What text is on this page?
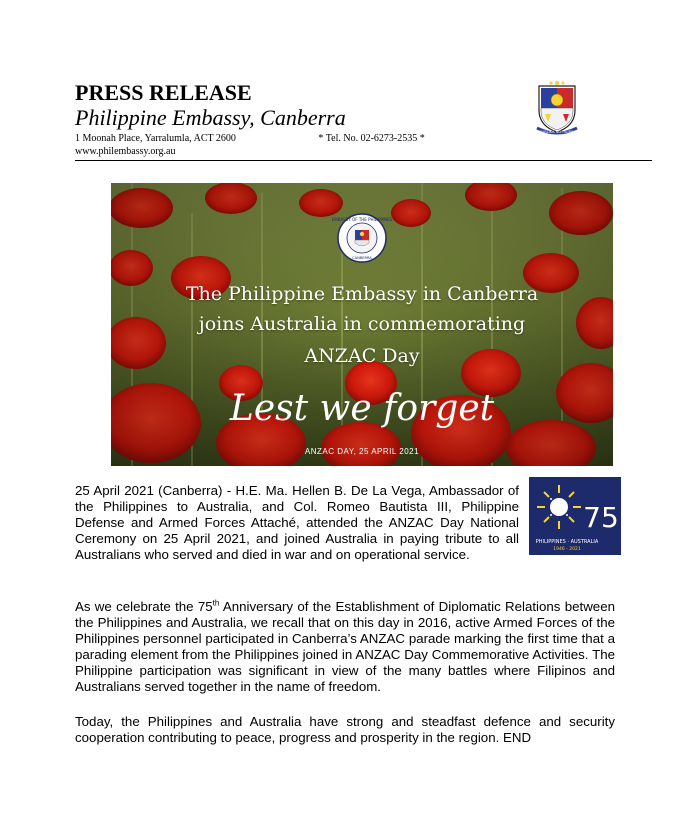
PRESS RELEASE

Philippine Embassy, Canberra

1 Moonah Place, Yarralumla, ACT 2600	* Tel. No. 02-6273-2535 *
www.philembassy.org.au
REPUBLIKA NG PILIPINAS
EMBASSY OF THE PHILIPPINES
CANBERRA
The Philippine Embassy in Canberra
joins Australia in commemorating
ANZAC Day
Lest we forget
ANZAC DAY, 25 APRIL 2021
75
PHILIPPINES · AUSTRALIA
1946 - 2021
25 April 2021 (Canberra) - H.E. Ma. Hellen B. De La Vega, Ambassador of the Philippines to Australia, and Col. Romeo Bautista III, Philippine Defense and Armed Forces Attaché, attended the ANZAC Day National Ceremony on 25 April 2021, and joined Australia in paying tribute to all Australians who served and died in war and on operational service.
As we celebrate the 75th Anniversary of the Establishment of Diplomatic Relations between the Philippines and Australia, we recall that on this day in 2016, active Armed Forces of the Philippines personnel participated in Canberra’s ANZAC parade marking the first time that a parading element from the Philippines joined in ANZAC Day Commemorative Activities. The Philippine participation was significant in view of the many battles where Filipinos and Australians served together in the name of freedom.
Today, the Philippines and Australia have strong and steadfast defence and security cooperation contributing to peace, progress and prosperity in the region. END
